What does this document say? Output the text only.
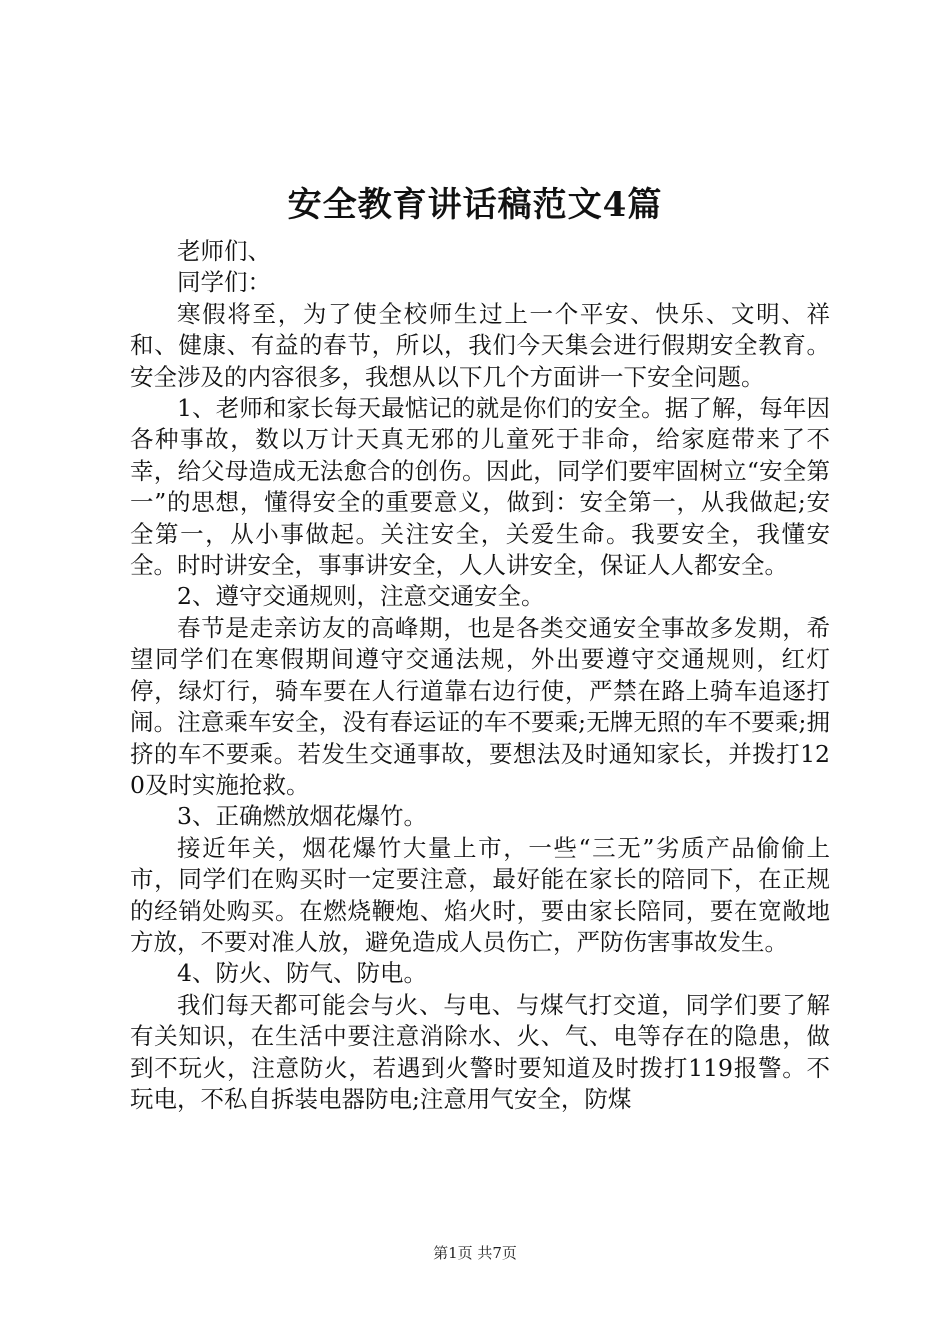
安全教育讲话稿范文4篇

老师们、

同学们：

寒假将至，为了使全校师生过上一个平安、快乐、文明、祥和、健康、有益的春节，所以，我们今天集会进行假期安全教育。安全涉及的内容很多，我想从以下几个方面讲一下安全问题。

1、老师和家长每天最惦记的就是你们的安全。据了解，每年因各种事故，数以万计天真无邪的儿童死于非命，给家庭带来了不幸，给父母造成无法愈合的创伤。因此，同学们要牢固树立“安全第一”的思想，懂得安全的重要意义，做到：安全第一，从我做起;安全第一，从小事做起。关注安全，关爱生命。我要安全，我懂安全。时时讲安全，事事讲安全，人人讲安全，保证人人都安全。

2、遵守交通规则，注意交通安全。

春节是走亲访友的高峰期，也是各类交通安全事故多发期，希望同学们在寒假期间遵守交通法规，外出要遵守交通规则，红灯停，绿灯行，骑车要在人行道靠右边行使，严禁在路上骑车追逐打闹。注意乘车安全，没有春运证的车不要乘;无牌无照的车不要乘;拥挤的车不要乘。若发生交通事故，要想法及时通知家长，并拨打120及时实施抢救。

3、正确燃放烟花爆竹。

接近年关，烟花爆竹大量上市，一些“三无”劣质产品偷偷上市，同学们在购买时一定要注意，最好能在家长的陪同下，在正规的经销处购买。在燃烧鞭炮、焰火时，要由家长陪同，要在宽敞地方放，不要对准人放，避免造成人员伤亡，严防伤害事故发生。

4、防火、防气、防电。

我们每天都可能会与火、与电、与煤气打交道，同学们要了解有关知识，在生活中要注意消除水、火、气、电等存在的隐患，做到不玩火，注意防火，若遇到火警时要知道及时拨打119报警。不玩电，不私自拆装电器防电;注意用气安全，防煤

第1页 共7页
